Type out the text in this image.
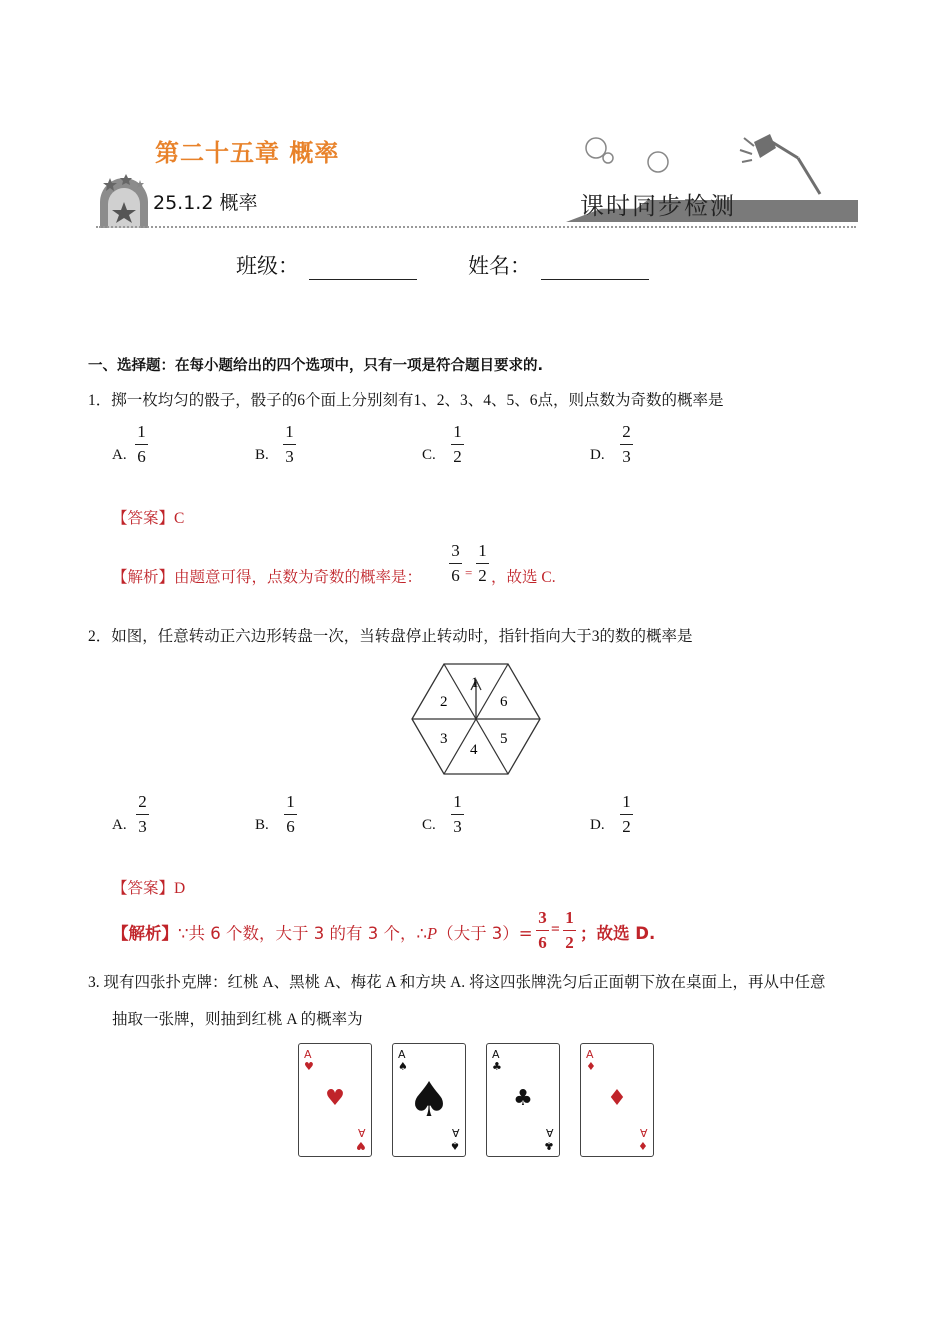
第二十五章 概率
25.1.2 概率	课时同步检测
班级：	姓名：
一、选择题：在每小题给出的四个选项中，只有一项是符合题目要求的.
1．掷一枚均匀的骰子，骰子的6个面上分别刻有1、2、3、4、5、6点，则点数为奇数的概率是
A.
1
6	B.
1
3	C.
1
2	D.
2
3
【答案】C
【解析】由题意可得，点数为奇数的概率是：
3
6 =
1
2 ，故选 C.
2．如图，任意转动正六边形转盘一次，当转盘停止转动时，指针指向大于3的数的概率是
1
6
5
4
3
2
A.
2
3	B.
1
6	C.
1
3	D.
1
2
【答案】D
【解析】∵共 6 个数，大于 3 的有 3 个，∴P（大于 3）=
3
6
=
1
2 ；故选 D.
3. 现有四张扑克牌：红桃 A、黑桃 A、梅花 A 和方块 A. 将这四张牌洗匀后正面朝下放在桌面上，再从中任意
抽取一张牌，则抽到红桃 A 的概率为
A
♥
♥
A
♥
A
♠
♠
A
♠
A
♣
♣
A
♣
A
♦
♦
A
♦
